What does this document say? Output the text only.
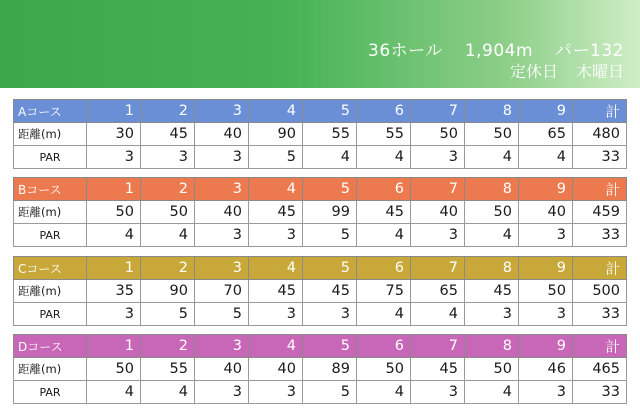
36ホール 1,904m パー132
定休日 木曜日
Aコース	1	2	3	4	5	6	7	8	9	計
距離(m)	30	45	40	90	55	55	50	50	65	480
PAR	3	3	3	5	4	4	3	4	4	33
Bコース	1	2	3	4	5	6	7	8	9	計
距離(m)	50	50	40	45	99	45	40	50	40	459
PAR	4	4	3	3	5	4	3	4	3	33
Cコース	1	2	3	4	5	6	7	8	9	計
距離(m)	35	90	70	45	45	75	65	45	50	500
PAR	3	5	5	3	3	4	4	3	3	33
Dコース	1	2	3	4	5	6	7	8	9	計
距離(m)	50	55	40	40	89	50	45	50	46	465
PAR	4	4	3	3	5	4	3	4	3	33
